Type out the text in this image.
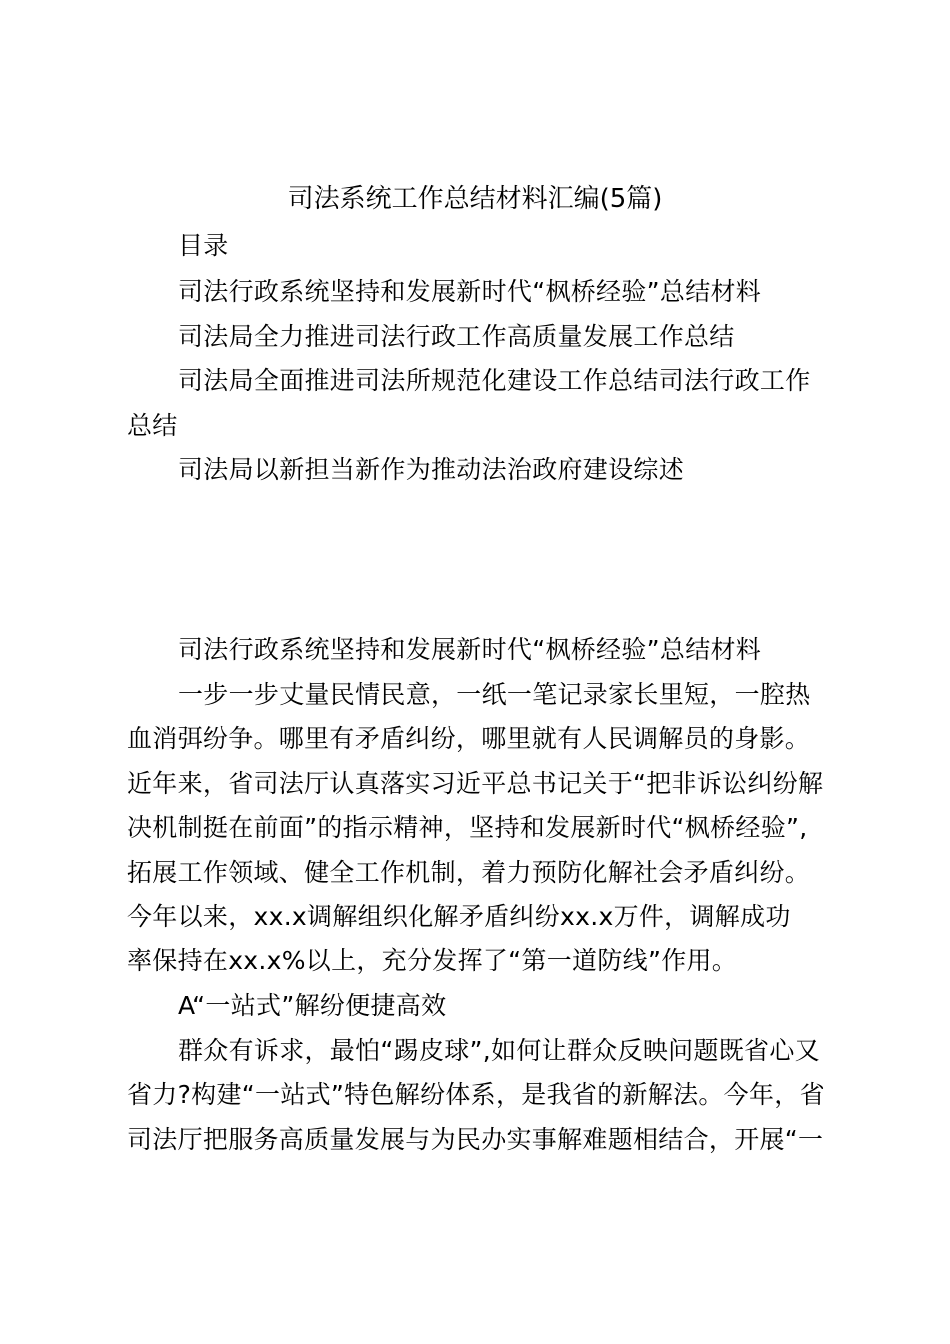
司法系统工作总结材料汇编(5篇)
目录
司法行政系统坚持和发展新时代“枫桥经验”总结材料
司法局全力推进司法行政工作高质量发展工作总结
司法局全面推进司法所规范化建设工作总结司法行政工作
总结
司法局以新担当新作为推动法治政府建设综述
司法行政系统坚持和发展新时代“枫桥经验”总结材料
一步一步丈量民情民意，一纸一笔记录家长里短，一腔热
血消弭纷争。哪里有矛盾纠纷，哪里就有人民调解员的身影。
近年来，省司法厅认真落实习近平总书记关于“把非诉讼纠纷解
决机制挺在前面”的指示精神，坚持和发展新时代“枫桥经验”,
拓展工作领域、健全工作机制，着力预防化解社会矛盾纠纷。
今年以来，xx.x调解组织化解矛盾纠纷xx.x万件，调解成功
率保持在xx.x%以上，充分发挥了“第一道防线”作用。
A“一站式”解纷便捷高效
群众有诉求，最怕“踢皮球”,如何让群众反映问题既省心又
省力?构建“一站式”特色解纷体系，是我省的新解法。今年，省
司法厅把服务高质量发展与为民办实事解难题相结合，开展“一
